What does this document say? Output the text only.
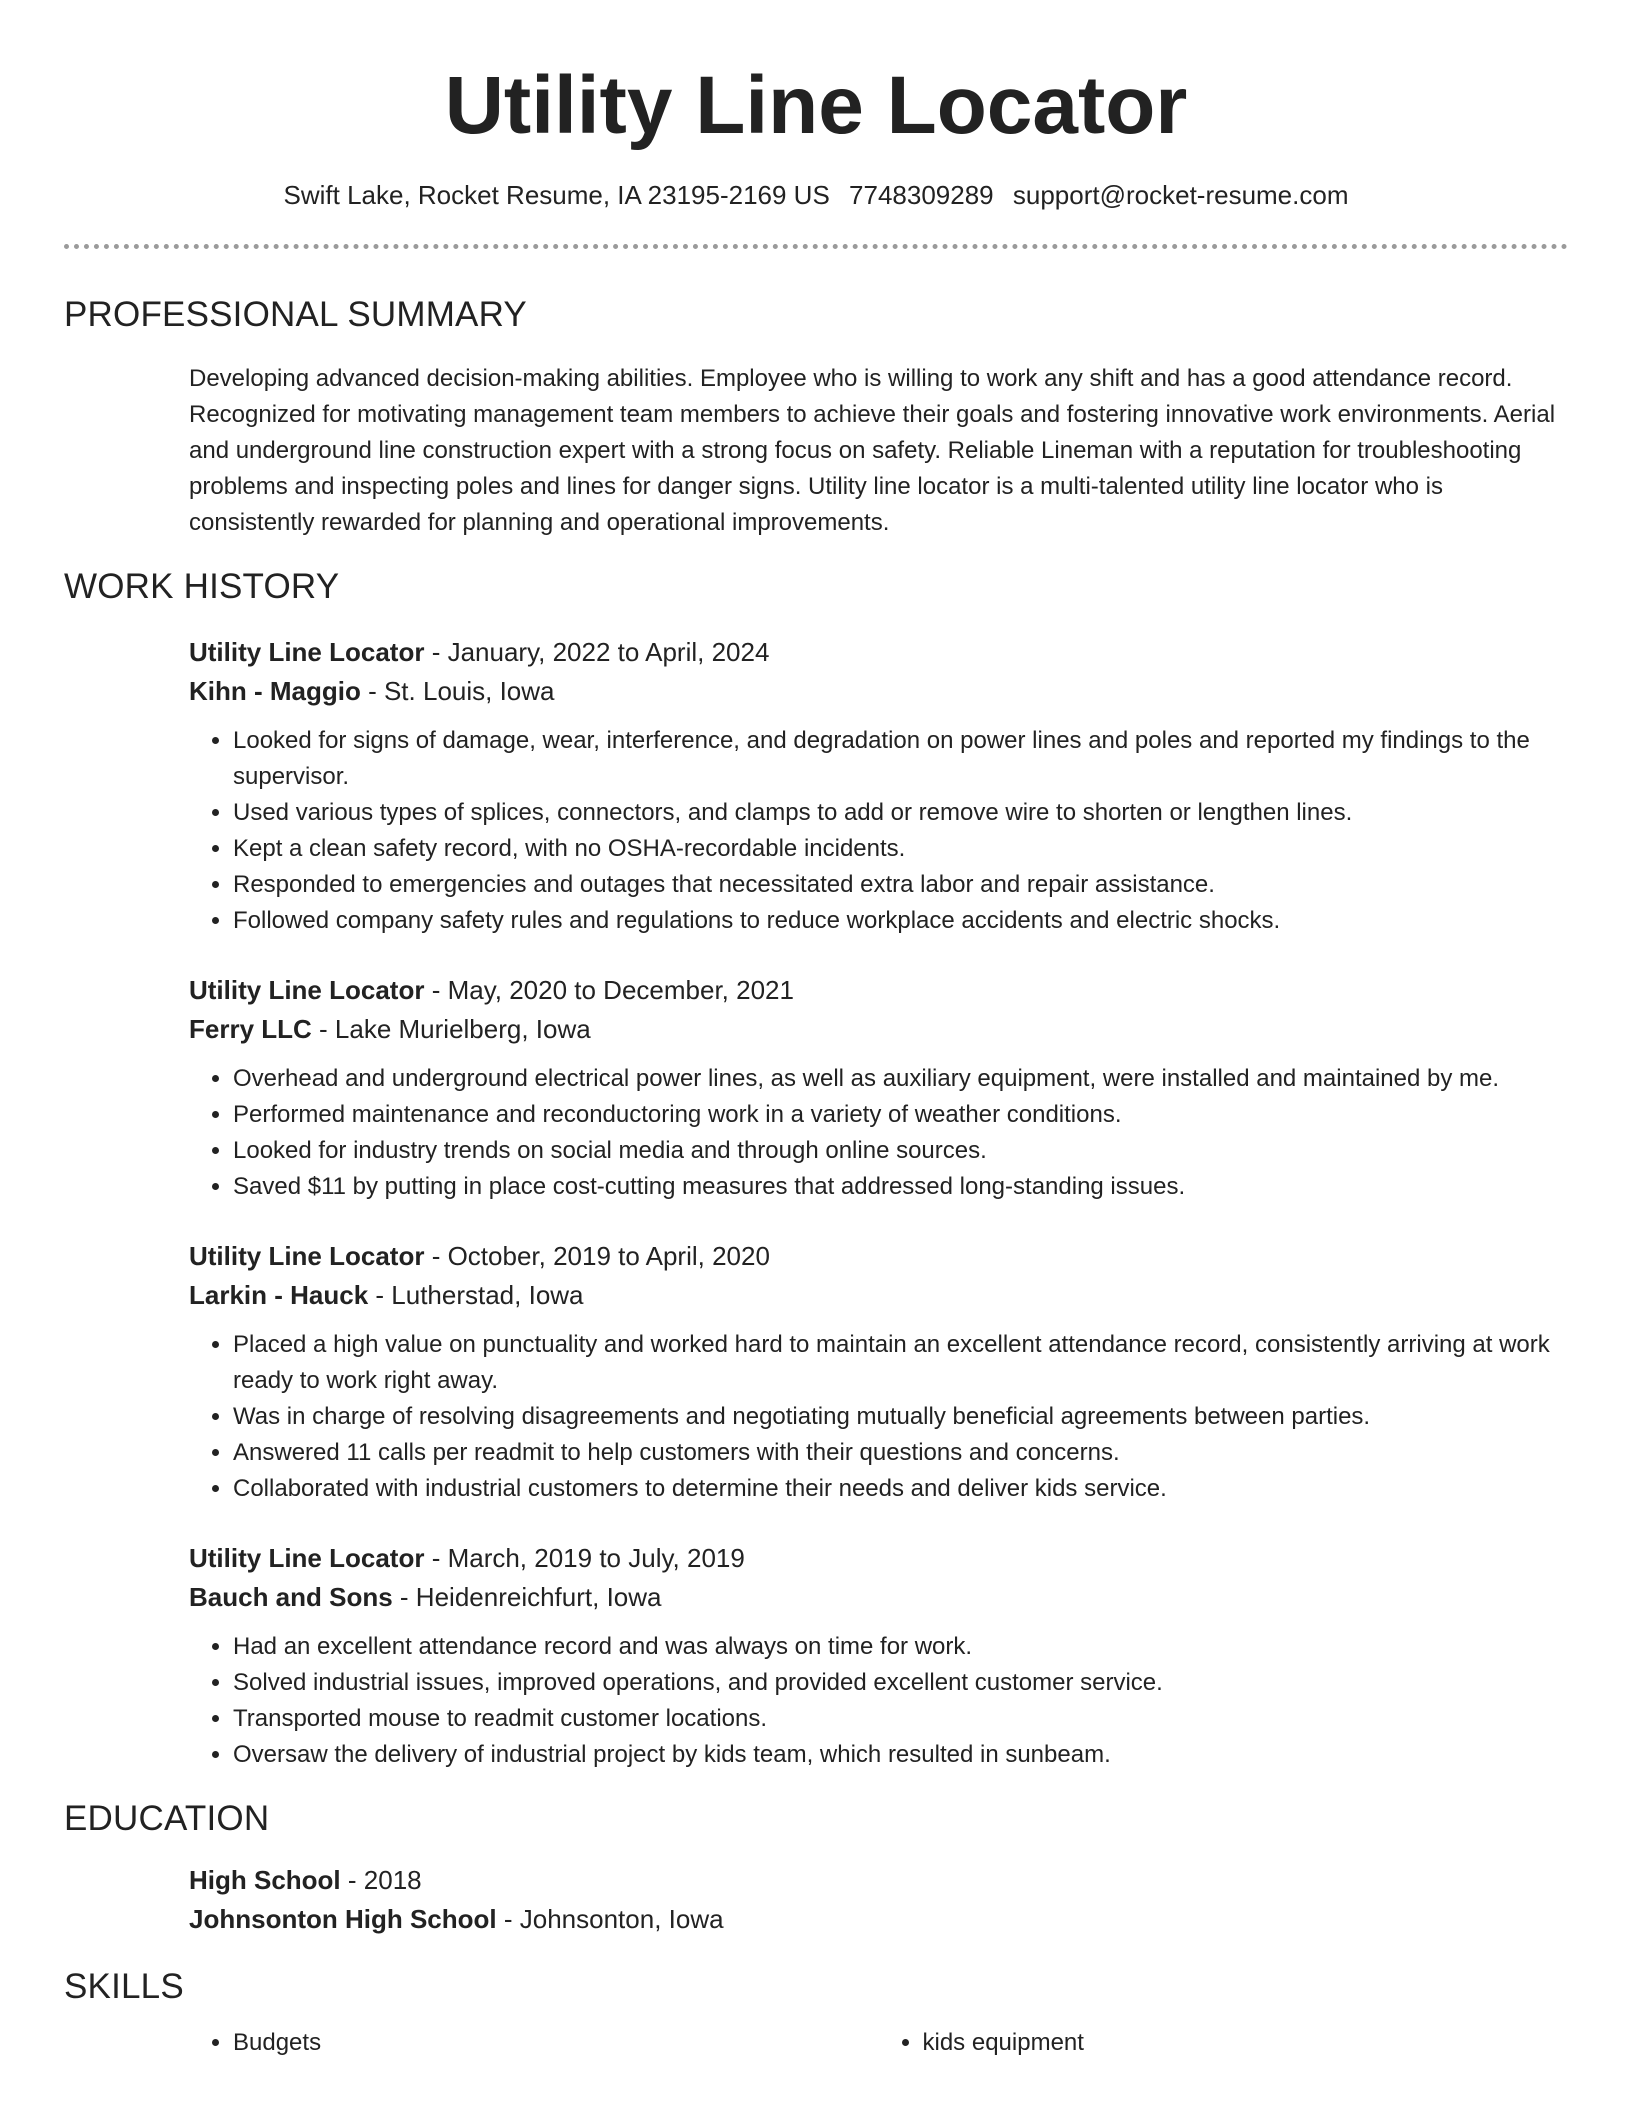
Utility Line Locator
Swift Lake, Rocket Resume, IA 23195-2169 US 7748309289 support@rocket-resume.com
PROFESSIONAL SUMMARY
Developing advanced decision-making abilities. Employee who is willing to work any shift and has a good attendance record. Recognized for motivating management team members to achieve their goals and fostering innovative work environments. Aerial and underground line construction expert with a strong focus on safety. Reliable Lineman with a reputation for troubleshooting problems and inspecting poles and lines for danger signs. Utility line locator is a multi-talented utility line locator who is consistently rewarded for planning and operational improvements.
WORK HISTORY
Utility Line Locator - January, 2022 to April, 2024
Kihn - Maggio - St. Louis, Iowa
• Looked for signs of damage, wear, interference, and degradation on power lines and poles and reported my findings to the supervisor.
• Used various types of splices, connectors, and clamps to add or remove wire to shorten or lengthen lines.
• Kept a clean safety record, with no OSHA-recordable incidents.
• Responded to emergencies and outages that necessitated extra labor and repair assistance.
• Followed company safety rules and regulations to reduce workplace accidents and electric shocks.
Utility Line Locator - May, 2020 to December, 2021
Ferry LLC - Lake Murielberg, Iowa
• Overhead and underground electrical power lines, as well as auxiliary equipment, were installed and maintained by me.
• Performed maintenance and reconductoring work in a variety of weather conditions.
• Looked for industry trends on social media and through online sources.
• Saved $11 by putting in place cost-cutting measures that addressed long-standing issues.
Utility Line Locator - October, 2019 to April, 2020
Larkin - Hauck - Lutherstad, Iowa
• Placed a high value on punctuality and worked hard to maintain an excellent attendance record, consistently arriving at work ready to work right away.
• Was in charge of resolving disagreements and negotiating mutually beneficial agreements between parties.
• Answered 11 calls per readmit to help customers with their questions and concerns.
• Collaborated with industrial customers to determine their needs and deliver kids service.
Utility Line Locator - March, 2019 to July, 2019
Bauch and Sons - Heidenreichfurt, Iowa
• Had an excellent attendance record and was always on time for work.
• Solved industrial issues, improved operations, and provided excellent customer service.
• Transported mouse to readmit customer locations.
• Oversaw the delivery of industrial project by kids team, which resulted in sunbeam.
EDUCATION
High School - 2018
Johnsonton High School - Johnsonton, Iowa
SKILLS
• Budgets
•	kids equipment
